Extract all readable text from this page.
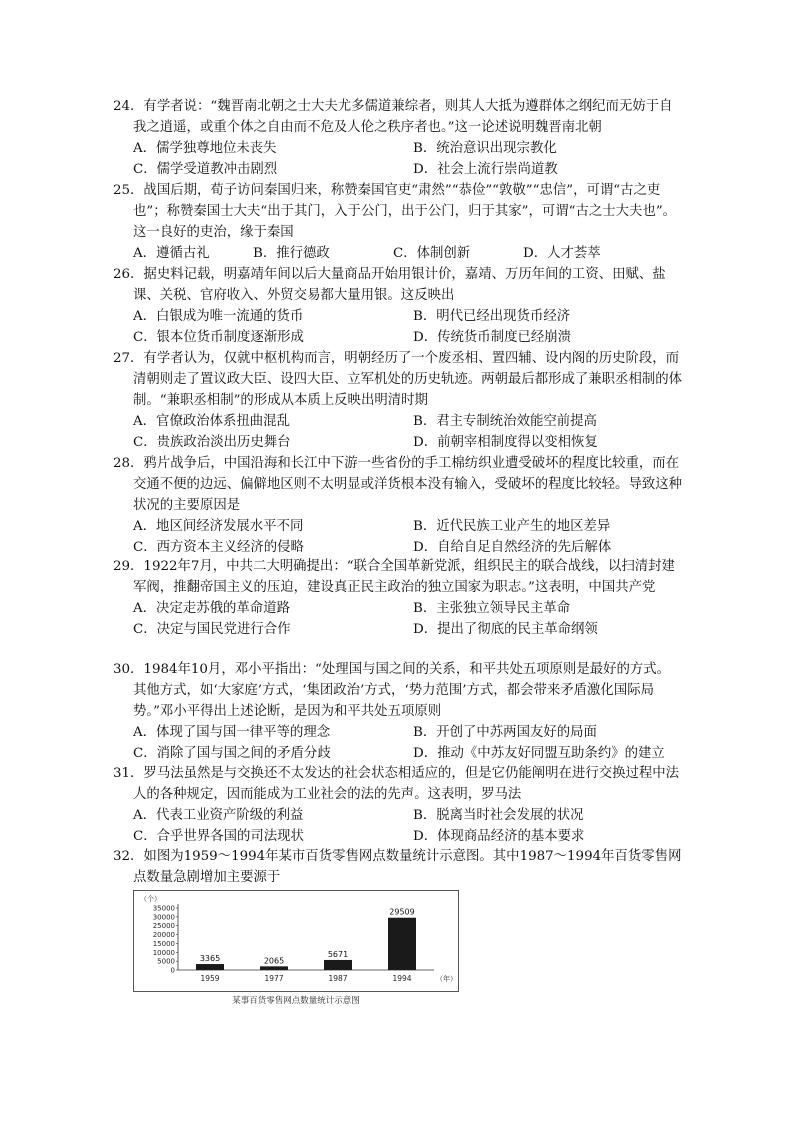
24．有学者说：“魏晋南北朝之士大夫尤多儒道兼综者，则其人大抵为遵群体之纲纪而无妨于自我之逍遥，或重个体之自由而不危及人伦之秩序者也。”这一论述说明魏晋南北朝
A．儒学独尊地位未丧失	B．统治意识出现宗教化
C．儒学受道教冲击剧烈	D．社会上流行崇尚道教
25．战国后期，荀子访问秦国归来，称赞秦国官吏“肃然”“恭俭”“敦敬”“忠信”，可谓“古之吏也”；称赞秦国士大夫“出于其门，入于公门，出于公门，归于其家”，可谓“古之士大夫也”。这一良好的吏治，缘于秦国
A．遵循古礼	B．推行德政	C．体制创新	D．人才荟萃
26．据史料记载，明嘉靖年间以后大量商品开始用银计价，嘉靖、万历年间的工资、田赋、盐课、关税、官府收入、外贸交易都大量用银。这反映出
A．白银成为唯一流通的货币	B．明代已经出现货币经济
C．银本位货币制度逐渐形成	D．传统货币制度已经崩溃
27．有学者认为，仅就中枢机构而言，明朝经历了一个废丞相、置四辅、设内阁的历史阶段，而清朝则走了置议政大臣、设四大臣、立军机处的历史轨迹。两朝最后都形成了兼职丞相制的体制。“兼职丞相制”的形成从本质上反映出明清时期
A．官僚政治体系扭曲混乱	B．君主专制统治效能空前提高
C．贵族政治淡出历史舞台	D．前朝宰相制度得以变相恢复
28．鸦片战争后，中国沿海和长江中下游一些省份的手工棉纺织业遭受破坏的程度比较重，而在交通不便的边远、偏僻地区则不太明显或洋货根本没有输入，受破坏的程度比较轻。导致这种状况的主要原因是
A．地区间经济发展水平不同	B．近代民族工业产生的地区差异
C．西方资本主义经济的侵略	D．自给自足自然经济的先后解体
29．1922年7月，中共二大明确提出：“联合全国革新党派，组织民主的联合战线，以扫清封建军阀，推翻帝国主义的压迫，建设真正民主政治的独立国家为职志。”这表明，中国共产党
A．决定走苏俄的革命道路	B．主张独立领导民主革命
C．决定与国民党进行合作	D．提出了彻底的民主革命纲领
30．1984年10月，邓小平指出：“处理国与国之间的关系，和平共处五项原则是最好的方式。其他方式，如‘大家庭’方式，‘集团政治’方式，‘势力范围’方式，都会带来矛盾激化国际局势。”邓小平得出上述论断，是因为和平共处五项原则
A．体现了国与国一律平等的理念	B．开创了中苏两国友好的局面
C．消除了国与国之间的矛盾分歧	D．推动《中苏友好同盟互助条约》的建立
31．罗马法虽然是与交换还不太发达的社会状态相适应的，但是它仍能阐明在进行交换过程中法人的各种规定，因而能成为工业社会的法的先声。这表明，罗马法
A．代表工业资产阶级的利益	B．脱离当时社会发展的状况
C．合乎世界各国的司法现状	D．体现商品经济的基本要求
32．如图为1959～1994年某市百货零售网点数量统计示意图。其中1987～1994年百货零售网点数量急剧增加主要源于
（个）
35000
30000
25000
20000
15000
10000
5000
0
3365
1959
2065
1977
5671
1987
29509
1994	（年）
某事百货零售网点数量统计示意图
